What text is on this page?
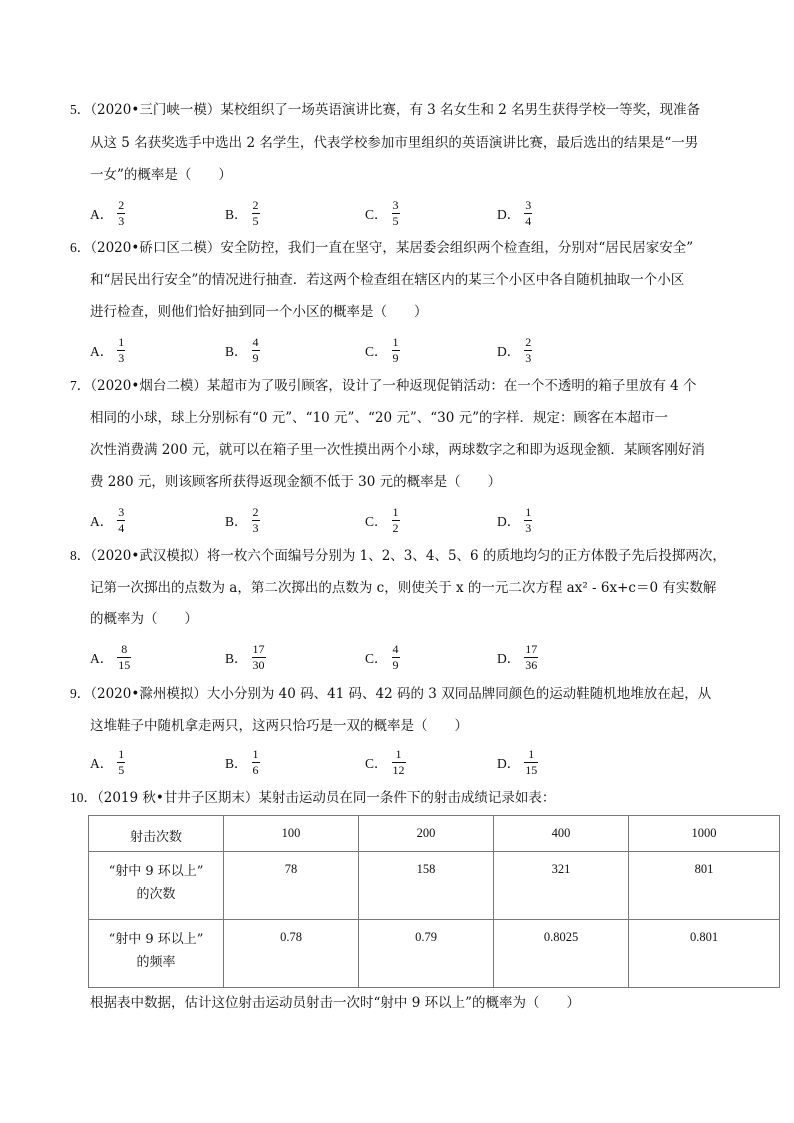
5．（2020•三门峡一模）某校组织了一场英语演讲比赛，有 3 名女生和 2 名男生获得学校一等奖，现准备
从这 5 名获奖选手中选出 2 名学生，代表学校参加市里组织的英语演讲比赛，最后选出的结果是“一男
一女”的概率是（　　）
A． $\frac{2}{3}$	B． $\frac{2}{5}$	C． $\frac{3}{5}$	D． $\frac{3}{4}$
6．（2020•硚口区二模）安全防控，我们一直在坚守，某居委会组织两个检查组，分别对“居民居家安全”
和“居民出行安全”的情况进行抽查．若这两个检查组在辖区内的某三个小区中各自随机抽取一个小区
进行检查，则他们恰好抽到同一个小区的概率是（　　）
A． $\frac{1}{3}$	B． $\frac{4}{9}$	C． $\frac{1}{9}$	D． $\frac{2}{3}$
7．（2020•烟台二模）某超市为了吸引顾客，设计了一种返现促销活动：在一个不透明的箱子里放有 4 个
相同的小球，球上分别标有“0 元”、“10 元”、“20 元”、“30 元”的字样．规定：顾客在本超市一
次性消费满 200 元，就可以在箱子里一次性摸出两个小球，两球数字之和即为返现金额．某顾客刚好消
费 280 元，则该顾客所获得返现金额不低于 30 元的概率是（　　）
A． $\frac{3}{4}$	B． $\frac{2}{3}$	C． $\frac{1}{2}$	D． $\frac{1}{3}$
8．（2020•武汉模拟）将一枚六个面编号分别为 1、2、3、4、5、6 的质地均匀的正方体骰子先后投掷两次，
记第一次掷出的点数为 a，第二次掷出的点数为 c，则使关于 x 的一元二次方程 ax² - 6x+c＝0 有实数解
的概率为（　　）
A． $\frac{8}{15}$	B． $\frac{17}{30}$	C． $\frac{4}{9}$	D． $\frac{17}{36}$
9．（2020•滁州模拟）大小分别为 40 码、41 码、42 码的 3 双同品牌同颜色的运动鞋随机地堆放在起，从
这堆鞋子中随机拿走两只，这两只恰巧是一双的概率是（　　）
A． $\frac{1}{5}$	B． $\frac{1}{6}$	C． $\frac{1}{12}$	D． $\frac{1}{15}$
10．（2019 秋•甘井子区期末）某射击运动员在同一条件下的射击成绩记录如表：
射击次数	100	200	400	1000

“射中 9 环以上”
的次数	78	158	321	801

“射中 9 环以上”
的频率	0.78	0.79	0.8025	0.801
根据表中数据，估计这位射击运动员射击一次时“射中 9 环以上”的概率为（　　）
